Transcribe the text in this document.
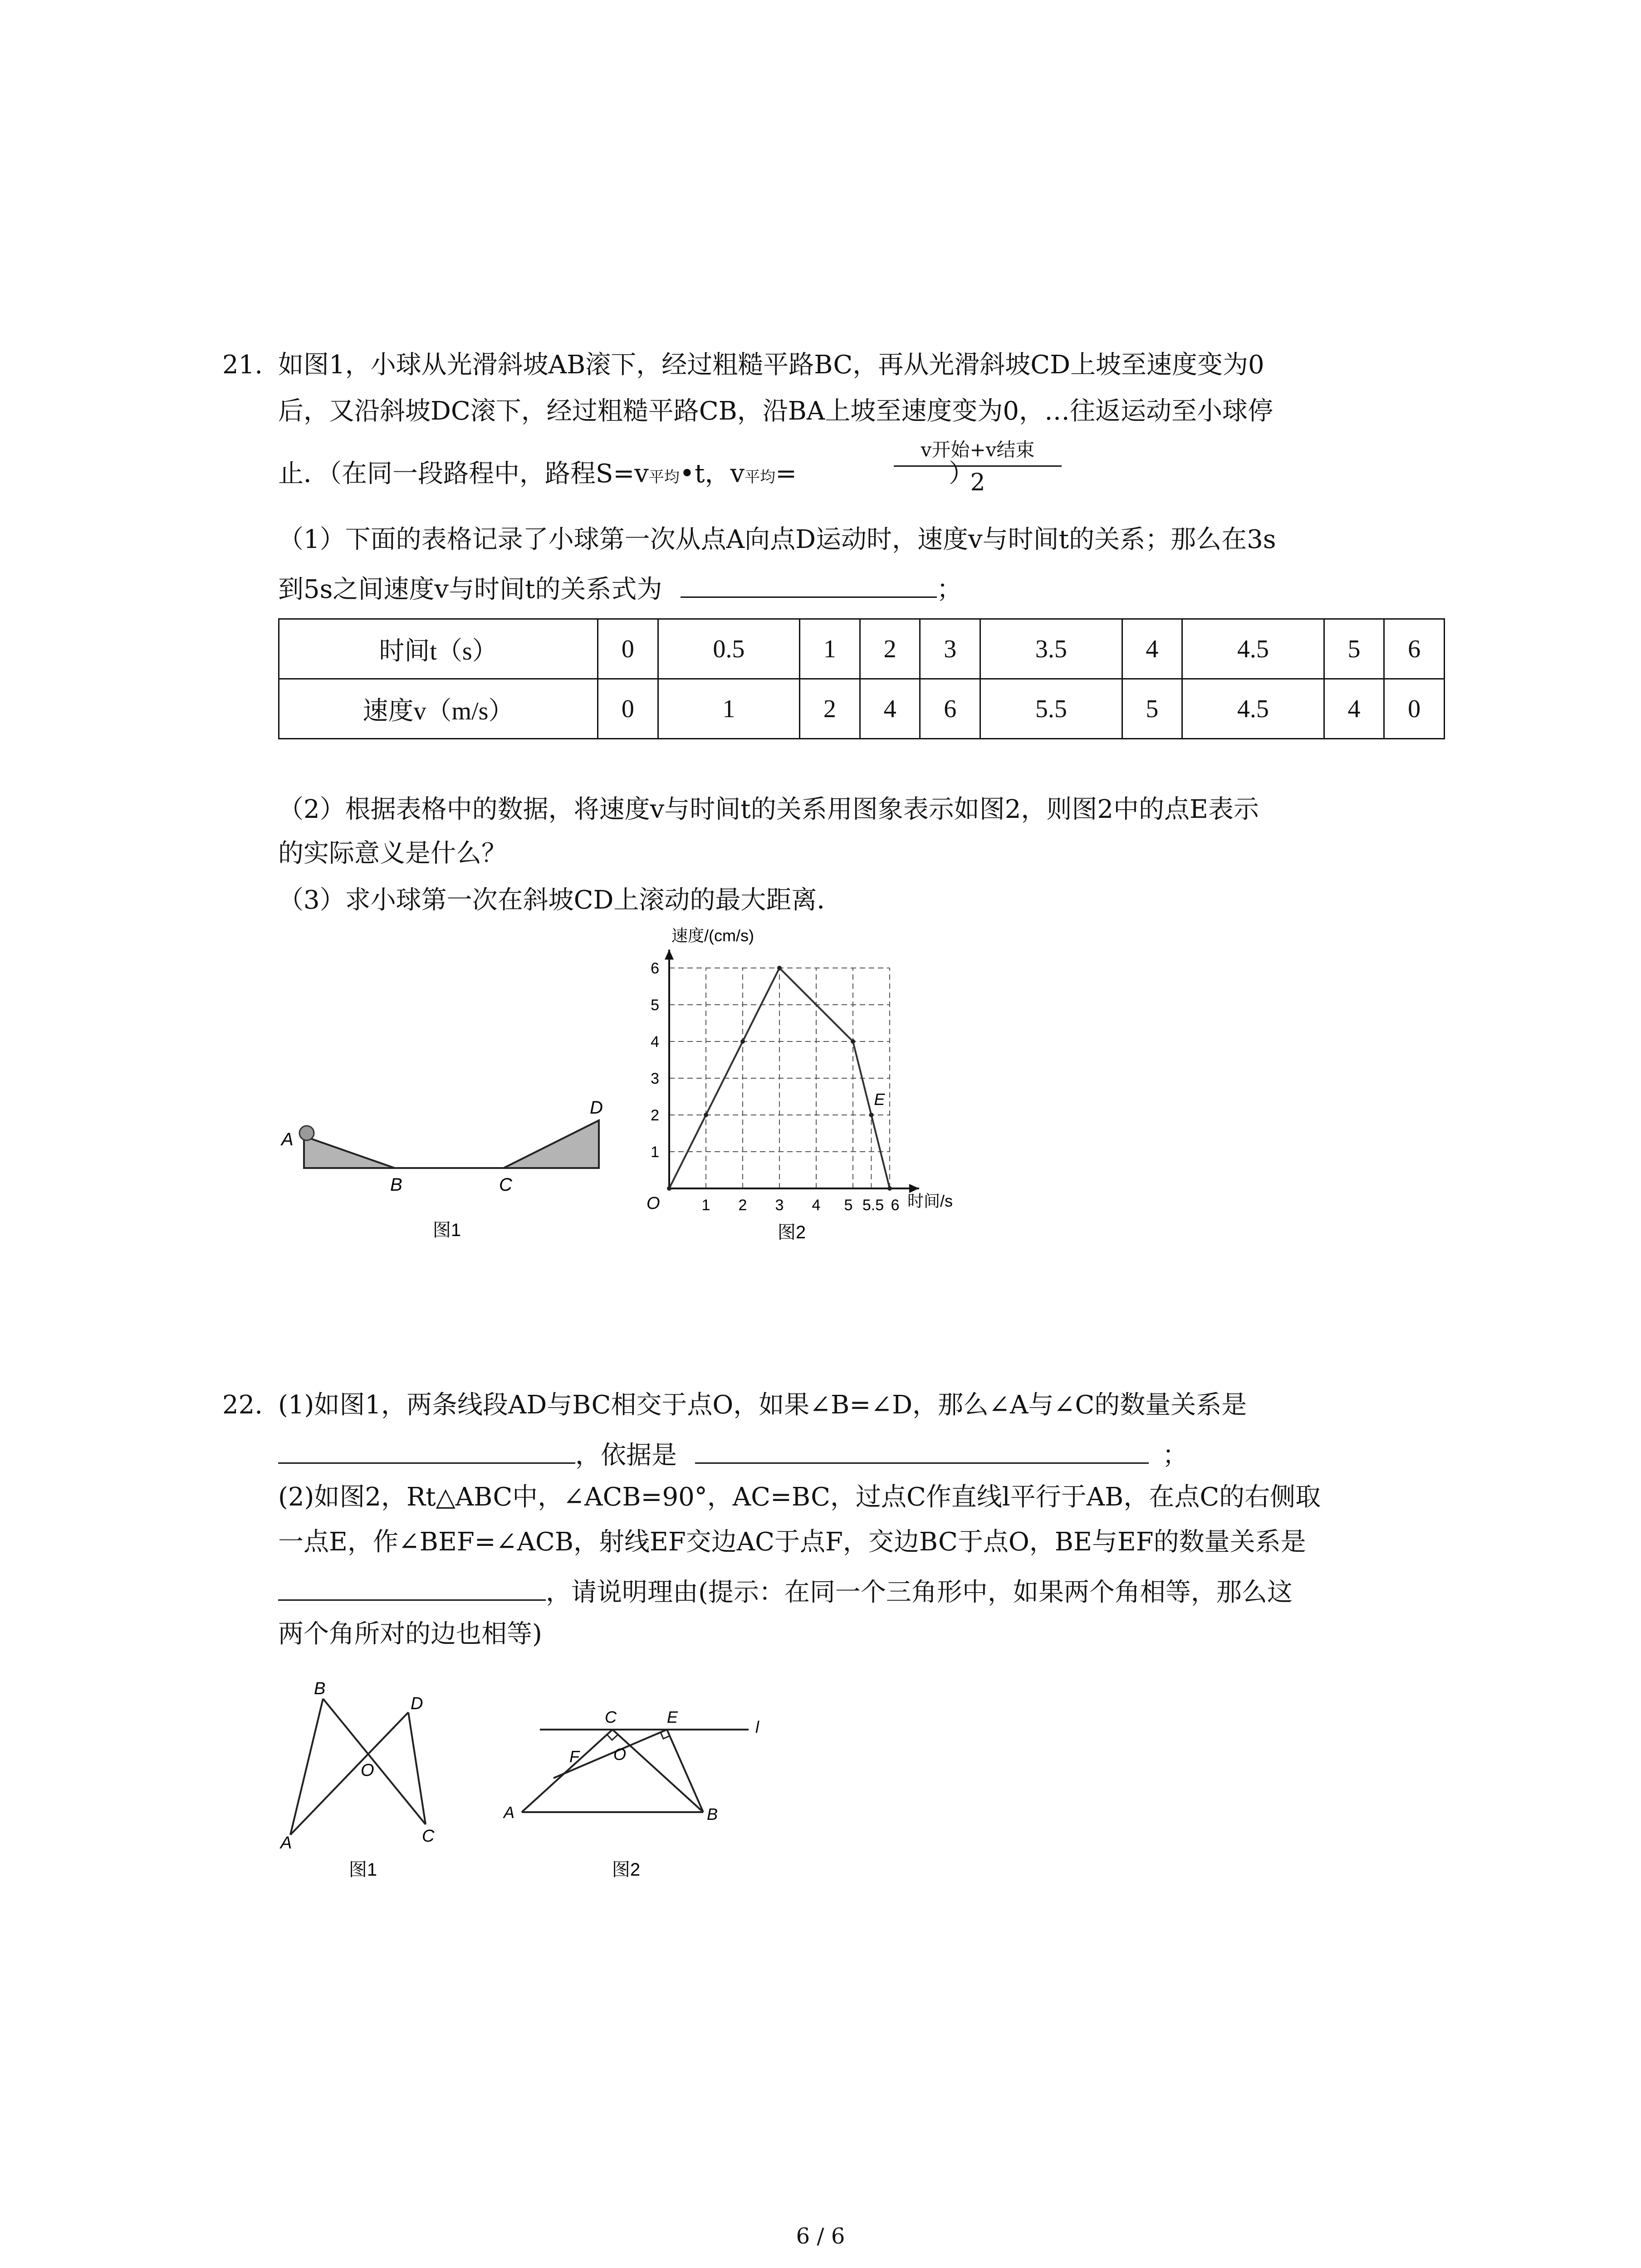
21. 如图1，小球从光滑斜坡AB滚下，经过粗糙平路BC，再从光滑斜坡CD上坡至速度变为0
后，又沿斜坡DC滚下，经过粗糙平路CB，沿BA上坡至速度变为0，…往返运动至小球停
止．（在同一段路程中，路程S=v平均•t，v平均=	）
v开始+v结束
2
（1）下面的表格记录了小球第一次从点A向点D运动时，速度v与时间t的关系；那么在3s
到5s之间速度v与时间t的关系式为	；
时间t（s）	0	0.5	1	2	3	3.5	4	4.5	5	6
速度v（m/s）	0	1	2	4	6	5.5	5	4.5	4	0
（2）根据表格中的数据，将速度v与时间t的关系用图象表示如图2，则图2中的点E表示
的实际意义是什么？
（3）求小球第一次在斜坡CD上滚动的最大距离．
A
B	C
D
图1
1
2
3
4
5
6
1 2 3 4 5 5.5 6
E
速度/(cm/s)
时间/s
O
图2
22. (1)如图1，两条线段AD与BC相交于点O，如果∠B=∠D，那么∠A与∠C的数量关系是
，依据是	；
(2)如图2，Rt△ABC中，∠ACB=90°，AC=BC，过点C作直线l平行于AB，在点C的右侧取
一点E，作∠BEF=∠ACB，射线EF交边AC于点F，交边BC于点O，BE与EF的数量关系是
，请说明理由(提示：在同一个三角形中，如果两个角相等，那么这
两个角所对的边也相等)
B
D
O
A	C
图1
C	E
l
F O
A	B
图2
6 / 6
